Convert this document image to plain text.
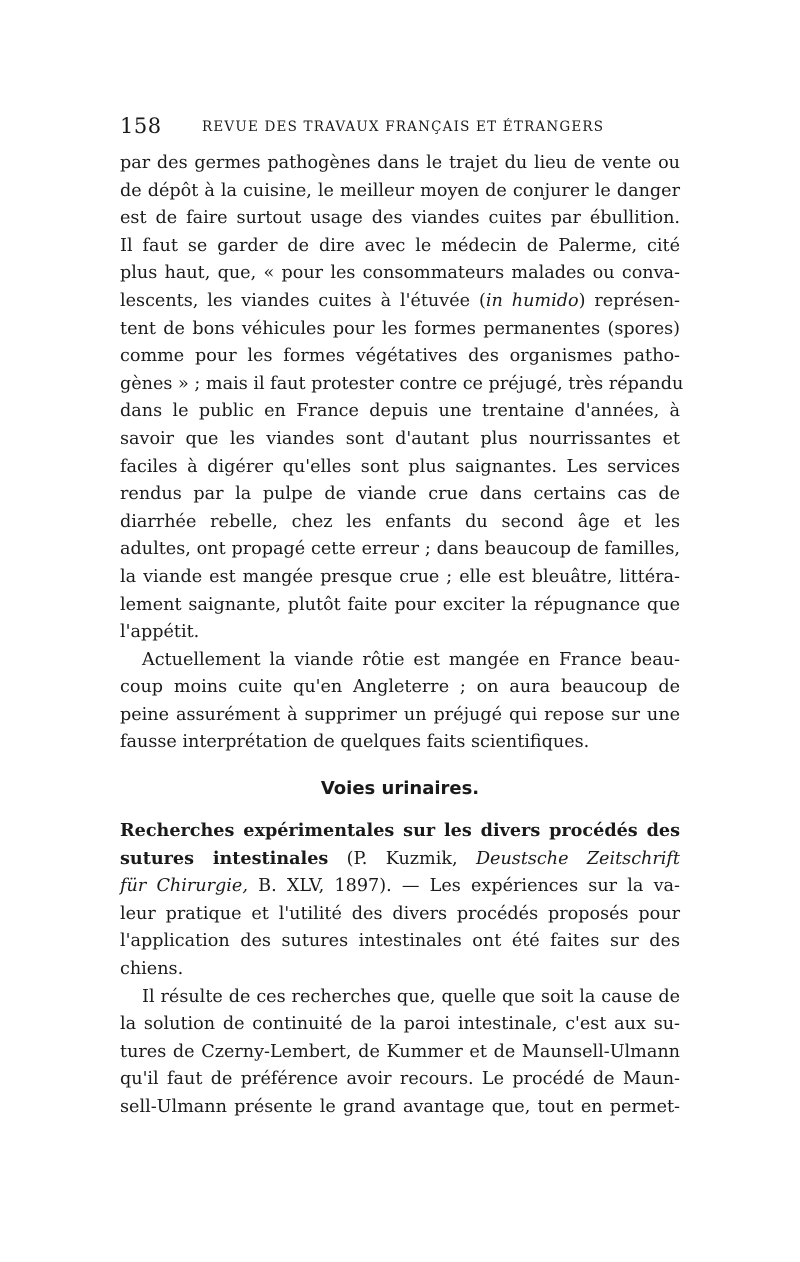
158	REVUE DES TRAVAUX FRANÇAIS ET ÉTRANGERS
par des germes pathogènes dans le trajet du lieu de vente ou
de dépôt à la cuisine, le meilleur moyen de conjurer le danger
est de faire surtout usage des viandes cuites par ébullition.
Il faut se garder de dire avec le médecin de Palerme, cité
plus haut, que, « pour les consommateurs malades ou conva-
lescents, les viandes cuites à l'étuvée (in humido) représen-
tent de bons véhicules pour les formes permanentes (spores)
comme pour les formes végétatives des organismes patho-
gènes » ; mais il faut protester contre ce préjugé, très répandu
dans le public en France depuis une trentaine d'années, à
savoir que les viandes sont d'autant plus nourrissantes et
faciles à digérer qu'elles sont plus saignantes. Les services
rendus par la pulpe de viande crue dans certains cas de
diarrhée rebelle, chez les enfants du second âge et les
adultes, ont propagé cette erreur ; dans beaucoup de familles,
la viande est mangée presque crue ; elle est bleuâtre, littéra-
lement saignante, plutôt faite pour exciter la répugnance que
l'appétit.
Actuellement la viande rôtie est mangée en France beau-
coup moins cuite qu'en Angleterre ; on aura beaucoup de
peine assurément à supprimer un préjugé qui repose sur une
fausse interprétation de quelques faits scientifiques.
Voies urinaires.
Recherches expérimentales sur les divers procédés des
sutures intestinales (P. Kuzmik, Deustsche Zeitschrift
für Chirurgie, B. XLV, 1897). — Les expériences sur la va-
leur pratique et l'utilité des divers procédés proposés pour
l'application des sutures intestinales ont été faites sur des
chiens.
Il résulte de ces recherches que, quelle que soit la cause de
la solution de continuité de la paroi intestinale, c'est aux su-
tures de Czerny-Lembert, de Kummer et de Maunsell-Ulmann
qu'il faut de préférence avoir recours. Le procédé de Maun-
sell-Ulmann présente le grand avantage que, tout en permet-
